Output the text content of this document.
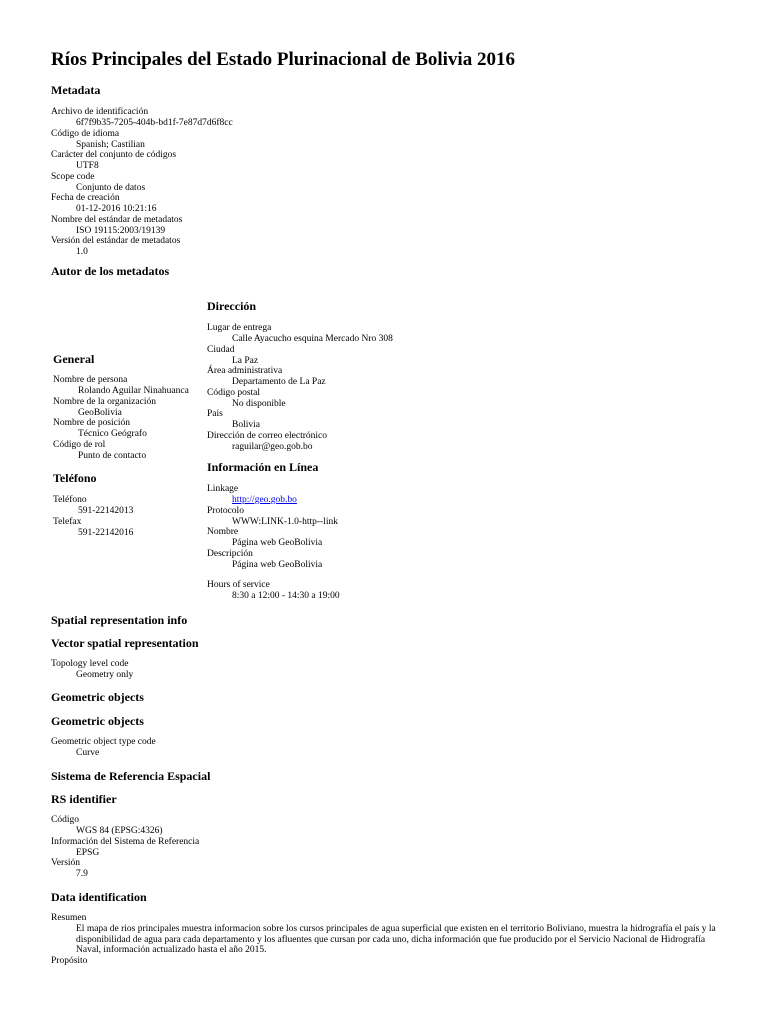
Ríos Principales del Estado Plurinacional de Bolivia 2016
Metadata
Archivo de identificación
6f7f9b35-7205-404b-bd1f-7e87d7d6f8cc
Código de idioma
Spanish; Castilian
Carácter del conjunto de códigos
UTF8
Scope code
Conjunto de datos
Fecha de creación
01-12-2016 10:21:16
Nombre del estándar de metadatos
ISO 19115:2003/19139
Versión del estándar de metadatos
1.0
Autor de los metadatos
General
Nombre de persona
Rolando Aguilar Ninahuanca
Nombre de la organización
GeoBolivia
Nombre de posición
Técnico Geógrafo
Código de rol
Punto de contacto
Teléfono
Teléfono
591-22142013
Telefax
591-22142016
Dirección
Lugar de entrega
Calle Ayacucho esquina Mercado Nro 308
Ciudad
La Paz
Área administrativa
Departamento de La Paz
Código postal
No disponible
País
Bolivia
Dirección de correo electrónico
raguilar@geo.gob.bo
Información en Línea
Linkage
http://geo.gob.bo
Protocolo
WWW:LINK-1.0-http--link
Nombre
Página web GeoBolivia
Descripción
Página web GeoBolivia
Hours of service
8:30 a 12:00 - 14:30 a 19:00
Spatial representation info
Vector spatial representation
Topology level code
Geometry only
Geometric objects
Geometric objects
Geometric object type code
Curve
Sistema de Referencia Espacial
RS identifier
Código
WGS 84 (EPSG:4326)
Información del Sistema de Referencia
EPSG
Versión
7.9
Data identification
Resumen
El mapa de rios principales muestra informacion sobre los cursos principales de agua superficial que existen en el territorio Boliviano, muestra la hidrografía el país y la disponibilidad de agua para cada departamento y los afluentes que cursan por cada uno, dicha información que fue producido por el Servicio Nacional de Hidrografía Naval, información actualizado hasta el año 2015.
Propósito
